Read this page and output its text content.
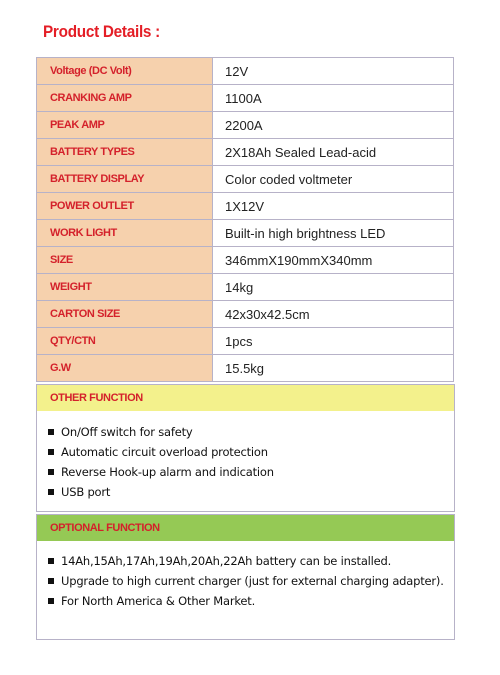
Product Details :
Voltage (DC Volt)	12V
CRANKING AMP	1100A
PEAK AMP	2200A
BATTERY TYPES	2X18Ah Sealed Lead-acid
BATTERY DISPLAY	Color coded voltmeter
POWER OUTLET	1X12V
WORK LIGHT	Built-in high brightness LED
SIZE	346mmX190mmX340mm
WEIGHT	14kg
CARTON SIZE	42x30x42.5cm
QTY/CTN	1pcs
G.W	15.5kg
OTHER FUNCTION
On/Off switch for safety
Automatic circuit overload protection
Reverse Hook-up alarm and indication
USB port
OPTIONAL FUNCTION
14Ah,15Ah,17Ah,19Ah,20Ah,22Ah battery can be installed.
Upgrade to high current charger (just for external charging adapter).
For North America & Other Market.
